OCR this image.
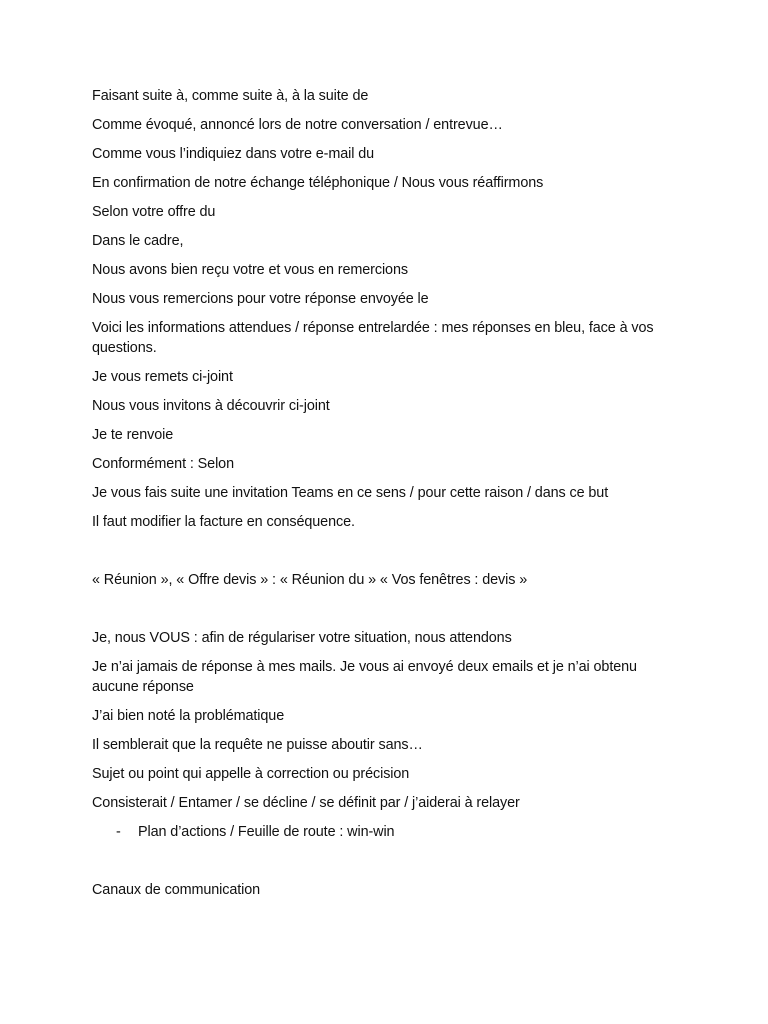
Faisant suite à, comme suite à, à la suite de

Comme évoqué, annoncé lors de notre conversation / entrevue…

Comme vous l’indiquiez dans votre e-mail du

En confirmation de notre échange téléphonique / Nous vous réaffirmons

Selon votre offre du

Dans le cadre,

Nous avons bien reçu votre et vous en remercions

Nous vous remercions pour votre réponse envoyée le

Voici les informations attendues / réponse entrelardée : mes réponses en bleu, face à vos questions.

Je vous remets ci-joint

Nous vous invitons à découvrir ci-joint

Je te renvoie

Conformément : Selon

Je vous fais suite une invitation Teams en ce sens / pour cette raison / dans ce but

Il faut modifier la facture en conséquence.

« Réunion », « Offre devis » : « Réunion du » « Vos fenêtres : devis »

Je, nous VOUS : afin de régulariser votre situation, nous attendons

Je n’ai jamais de réponse à mes mails. Je vous ai envoyé deux emails et je n’ai obtenu aucune réponse

J’ai bien noté la problématique

Il semblerait que la requête ne puisse aboutir sans…

Sujet ou point qui appelle à correction ou précision

Consisterait / Entamer / se décline / se définit par / j’aiderai à relayer

- Plan d’actions / Feuille de route : win-win

Canaux de communication
